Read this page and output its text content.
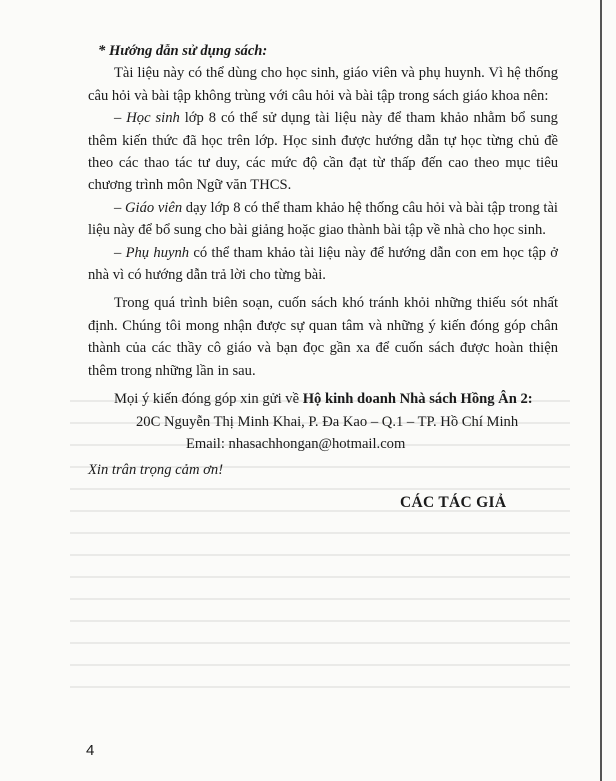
* Hướng dẫn sử dụng sách:

Tài liệu này có thể dùng cho học sinh, giáo viên và phụ huynh. Vì hệ thống câu hỏi và bài tập không trùng với câu hỏi và bài tập trong sách giáo khoa nên:

– Học sinh lớp 8 có thể sử dụng tài liệu này để tham khảo nhằm bổ sung thêm kiến thức đã học trên lớp. Học sinh được hướng dẫn tự học từng chủ đề theo các thao tác tư duy, các mức độ cần đạt từ thấp đến cao theo mục tiêu chương trình môn Ngữ văn THCS.

– Giáo viên dạy lớp 8 có thể tham khảo hệ thống câu hỏi và bài tập trong tài liệu này để bổ sung cho bài giảng hoặc giao thành bài tập về nhà cho học sinh.

– Phụ huynh có thể tham khảo tài liệu này để hướng dẫn con em học tập ở nhà vì có hướng dẫn trả lời cho từng bài.

Trong quá trình biên soạn, cuốn sách khó tránh khỏi những thiếu sót nhất định. Chúng tôi mong nhận được sự quan tâm và những ý kiến đóng góp chân thành của các thầy cô giáo và bạn đọc gần xa để cuốn sách được hoàn thiện thêm trong những lần in sau.

Mọi ý kiến đóng góp xin gửi về Hộ kinh doanh Nhà sách Hồng Ân 2:

20C Nguyễn Thị Minh Khai, P. Đa Kao – Q.1 – TP. Hồ Chí Minh

Email: nhasachhongan@hotmail.com

Xin trân trọng cảm ơn!

CÁC TÁC GIẢ
4
